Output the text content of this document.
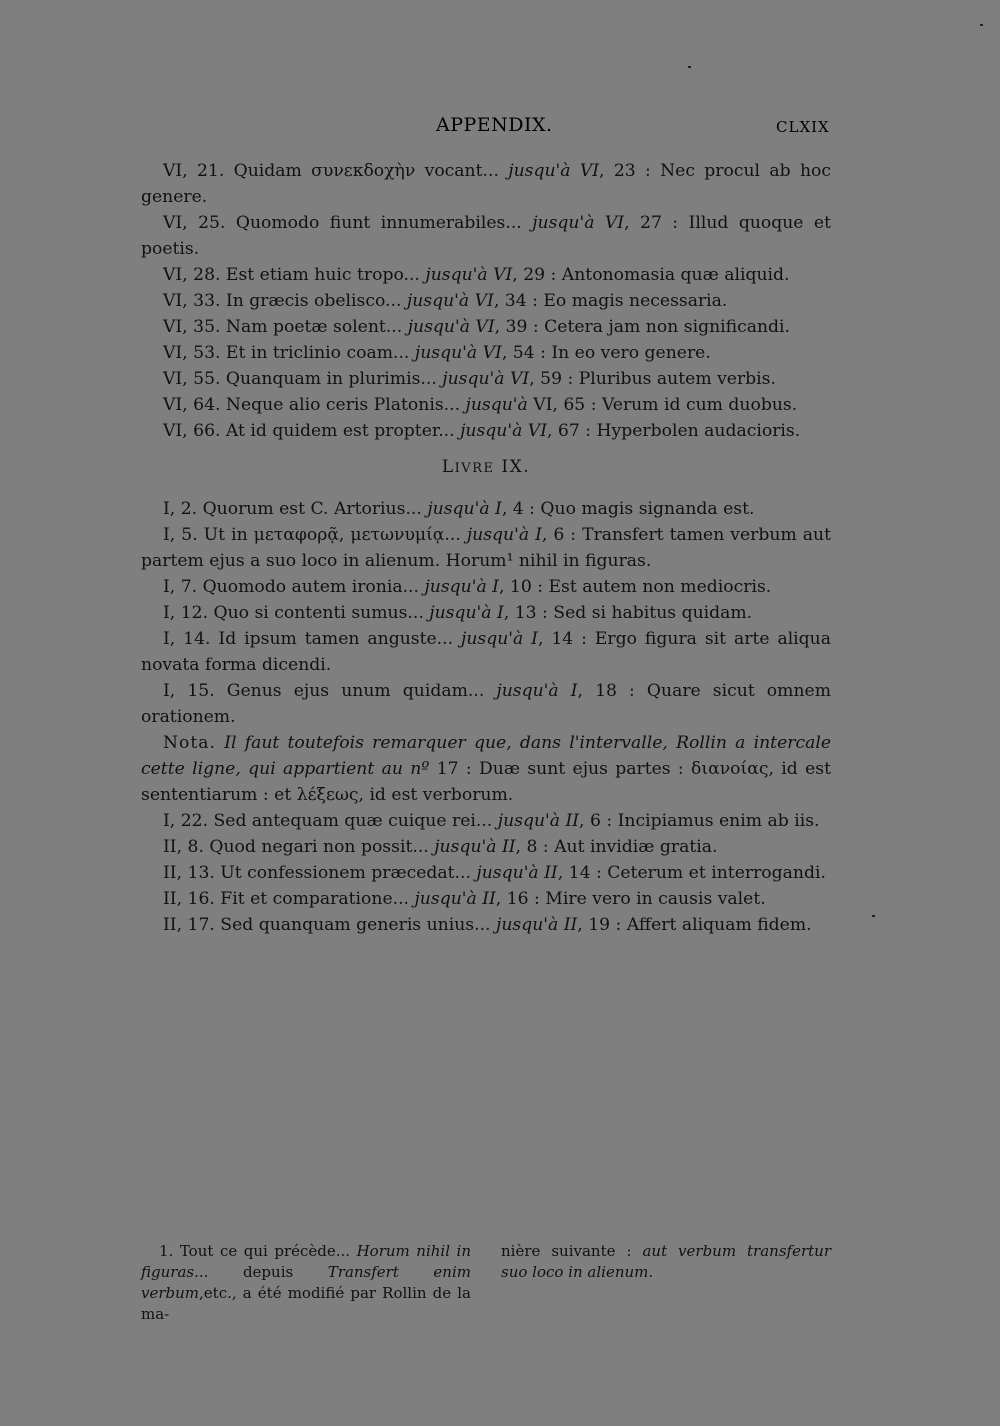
APPENDIX.	CLXIX

VI, 21. Quidam συνεκδοχὴν vocant... jusqu'à VI, 23 : Nec procul ab hoc genere.

VI, 25. Quomodo fiunt innumerabiles... jusqu'à VI, 27 : Illud quoque et poetis.

VI, 28. Est etiam huic tropo... jusqu'à VI, 29 : Antonomasia quæ aliquid.

VI, 33. In græcis obelisco... jusqu'à VI, 34 : Eo magis necessaria.

VI, 35. Nam poetæ solent... jusqu'à VI, 39 : Cetera jam non significandi.

VI, 53. Et in triclinio coam... jusqu'à VI, 54 : In eo vero genere.

VI, 55. Quanquam in plurimis... jusqu'à VI, 59 : Pluribus autem verbis.

VI, 64. Neque alio ceris Platonis... jusqu'à VI, 65 : Verum id cum duobus.

VI, 66. At id quidem est propter... jusqu'à VI, 67 : Hyperbolen audacioris.

LIVRE IX.

I, 2. Quorum est C. Artorius... jusqu'à I, 4 : Quo magis signanda est.

I, 5. Ut in μεταφορᾷ, μετωνυμίᾳ... jusqu'à I, 6 : Transfert tamen verbum aut partem ejus a suo loco in alienum. Horum¹ nihil in figuras.

I, 7. Quomodo autem ironia... jusqu'à I, 10 : Est autem non mediocris.

I, 12. Quo si contenti sumus... jusqu'à I, 13 : Sed si habitus quidam.

I, 14. Id ipsum tamen anguste... jusqu'à I, 14 : Ergo figura sit arte aliqua novata forma dicendi.

I, 15. Genus ejus unum quidam... jusqu'à I, 18 : Quare sicut omnem orationem.

Nota. Il faut toutefois remarquer que, dans l'intervalle, Rollin a intercale cette ligne, qui appartient au nº 17 : Duæ sunt ejus partes : διανοίας, id est sententiarum : et λέξεως, id est verborum.

I, 22. Sed antequam quæ cuique rei... jusqu'à II, 6 : Incipiamus enim ab iis.

II, 8. Quod negari non possit... jusqu'à II, 8 : Aut invidiæ gratia.

II, 13. Ut confessionem præcedat... jusqu'à II, 14 : Ceterum et interrogandi.

II, 16. Fit et comparatione... jusqu'à II, 16 : Mire vero in causis valet.

II, 17. Sed quanquam generis unius... jusqu'à II, 19 : Affert aliquam fidem.

1. Tout ce qui précède... Horum nihil in figuras... depuis Transfert enim verbum,etc., a été modifié par Rollin de la ma-
nière suivante : aut verbum transfertur suo loco in alienum.
